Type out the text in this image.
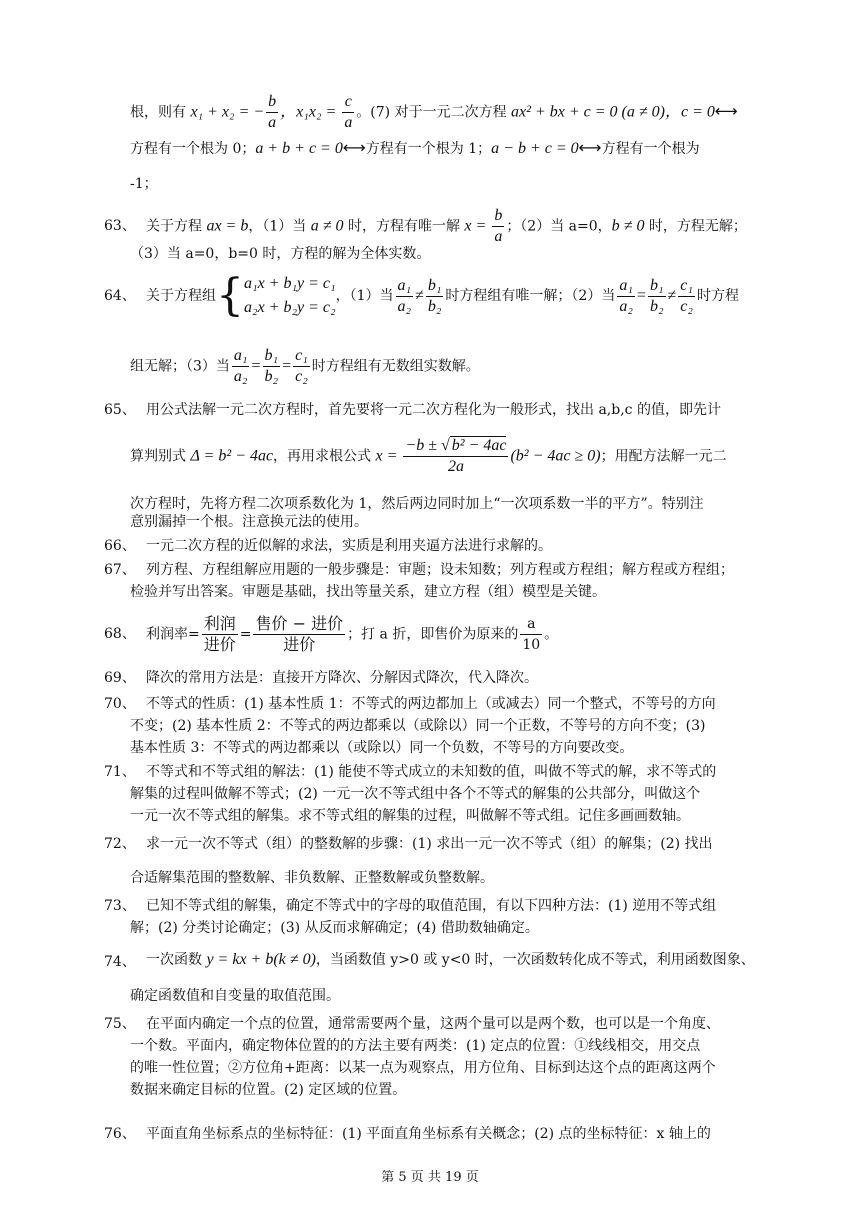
根，则有 x₁ + x₂ = − $\frac{b}{a}$ ，$x_1x_2 = \frac{c}{a}$ 。(7) 对于一元二次方程 ax² + bx + c = 0 (a ≠ 0)，c = 0⟷
方程有一个根为 0；a + b + c = 0⟷方程有一个根为 1；a − b + c = 0⟷方程有一个根为
-1；
63、 关于方程 ax = b，（1）当 a ≠ 0 时，方程有唯一解 $x = \frac{b}{a}$ ；（2）当 a=0，b ≠ 0 时，方程无解；
（3）当 a=0，b=0 时，方程的解为全体实数。
64、 关于方程组{ a₁x + b₁y = c₁
a₂x + b₂y = c₂
，（1）当 $\frac{\text{a₁}}{\text{a₂}} \ne \frac{\text{b₁}}{\text{b₂}}$ 时方程组有唯一解；（2）当 $\frac{\text{a₁}}{\text{a₂}} = \frac{\text{b₁}}{\text{b₂}} \ne \frac{\text{c₁}}{\text{c₂}}$ 时方程
组无解；（3）当 $\frac{\text{a₁}}{\text{a₂}} = \frac{\text{b₁}}{\text{b₂}} = \frac{\text{c₁}}{\text{c₂}}$ 时方程组有无数组实数解。
65、 用公式法解一元二次方程时，首先要将一元二次方程化为一般形式，找出 a,b,c 的值，即先计
算判别式 Δ = b² − 4ac，再用求根公式 $x = \frac{\text{−b ± √ b² − 4ac}}{2a} (b^2 - 4ac \ge 0)$；用配方法解一元二
次方程时，先将方程二次项系数化为 1，然后两边同时加上“一次项系数一半的平方”。特别注
意别漏掉一个根。注意换元法的使用。
66、 一元二次方程的近似解的求法，实质是利用夹逼方法进行求解的。
67、 列方程、方程组解应用题的一般步骤是：审题；设未知数；列方程或方程组；解方程或方程组；
检验并写出答案。审题是基础，找出等量关系，建立方程（组）模型是关键。
68、 利润率= $\frac{\text{利润}}{\text{进价}} = \frac{\text{售价 − 进价}}{\text{进价}}$ ；打 a 折，即售价为原来的 $\frac{a}{10}$ 。
69、 降次的常用方法是：直接开方降次、分解因式降次，代入降次。
70、 不等式的性质：(1) 基本性质 1：不等式的两边都加上（或减去）同一个整式，不等号的方向
不变；(2) 基本性质 2：不等式的两边都乘以（或除以）同一个正数，不等号的方向不变；(3)
基本性质 3：不等式的两边都乘以（或除以）同一个负数，不等号的方向要改变。
71、 不等式和不等式组的解法：(1) 能使不等式成立的未知数的值，叫做不等式的解，求不等式的
解集的过程叫做解不等式；(2) 一元一次不等式组中各个不等式的解集的公共部分，叫做这个
一元一次不等式组的解集。求不等式组的解集的过程，叫做解不等式组。记住多画画数轴。
72、 求一元一次不等式（组）的整数解的步骤：(1) 求出一元一次不等式（组）的解集；(2) 找出
合适解集范围的整数解、非负数解、正整数解或负整数解。
73、 已知不等式组的解集，确定不等式中的字母的取值范围，有以下四种方法：(1) 逆用不等式组
解；(2) 分类讨论确定；(3) 从反而求解确定；(4) 借助数轴确定。
74、 一次函数 y = kx + b(k ≠ 0)，当函数值 y>0 或 y<0 时，一次函数转化成不等式，利用函数图象、
确定函数值和自变量的取值范围。
75、 在平面内确定一个点的位置，通常需要两个量，这两个量可以是两个数，也可以是一个角度、
一个数。平面内，确定物体位置的的方法主要有两类：(1) 定点的位置：①线线相交，用交点
的唯一性位置；②方位角+距离：以某一点为观察点，用方位角、目标到达这个点的距离这两个
数据来确定目标的位置。(2) 定区域的位置。
76、 平面直角坐标系点的坐标特征：(1) 平面直角坐标系有关概念；(2) 点的坐标特征：x 轴上的
第 5 页 共 19 页
